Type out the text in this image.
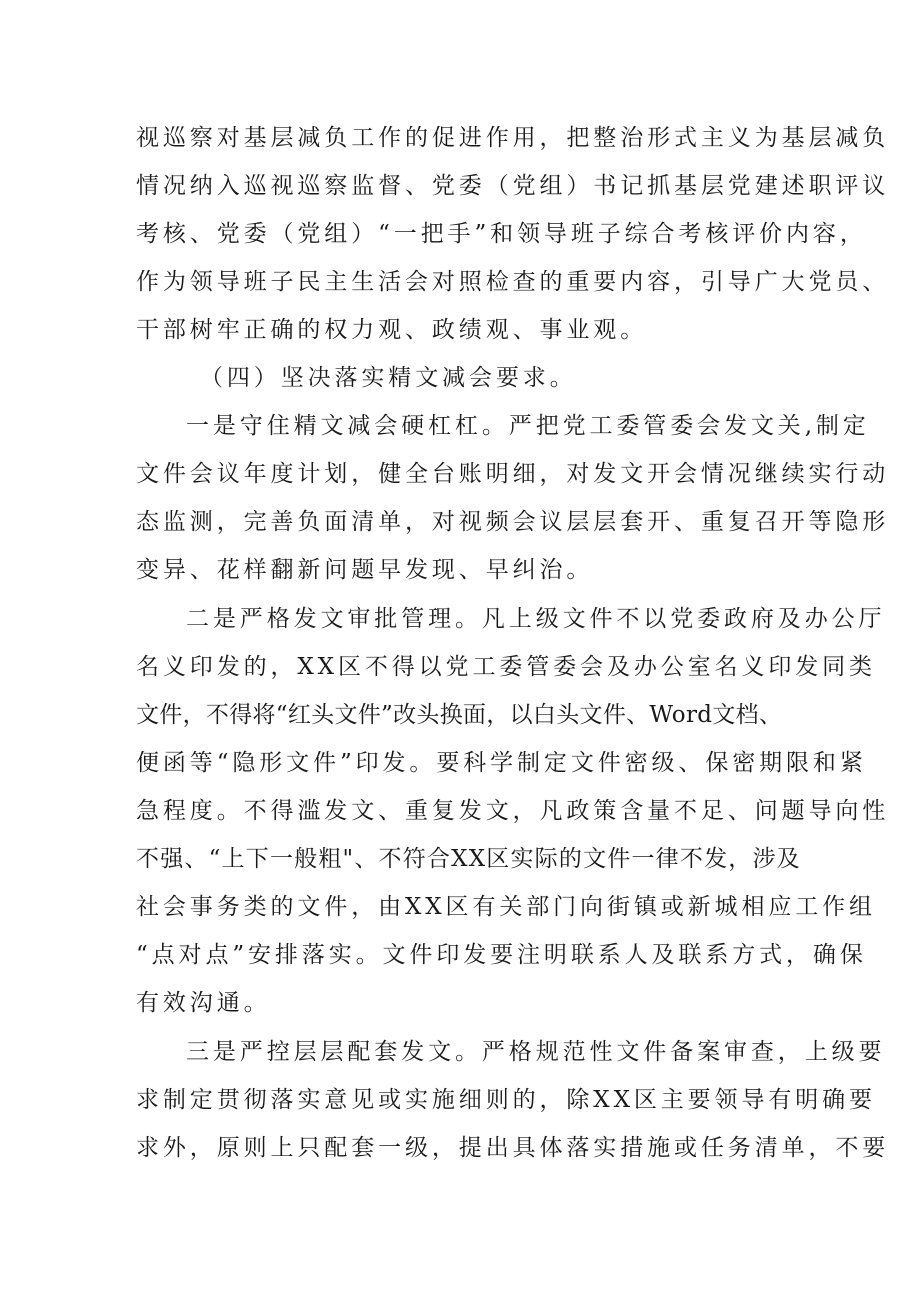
视巡察对基层减负工作的促进作用，把整治形式主义为基层减负
情况纳入巡视巡察监督、党委（党组）书记抓基层党建述职评议
考核、党委（党组）“一把手”和领导班子综合考核评价内容，
作为领导班子民主生活会对照检查的重要内容，引导广大党员、
干部树牢正确的权力观、政绩观、事业观。
（四）坚决落实精文减会要求。
一是守住精文减会硬杠杠。严把党工委管委会发文关,制定
文件会议年度计划，健全台账明细，对发文开会情况继续实行动
态监测，完善负面清单，对视频会议层层套开、重复召开等隐形
变异、花样翻新问题早发现、早纠治。
二是严格发文审批管理。凡上级文件不以党委政府及办公厅
名义印发的，XX区不得以党工委管委会及办公室名义印发同类
文件，不得将“红头文件”改头换面，以白头文件、Word文档、
便函等“隐形文件”印发。要科学制定文件密级、保密期限和紧
急程度。不得滥发文、重复发文，凡政策含量不足、问题导向性
不强、“上下一般粗"、不符合XX区实际的文件一律不发，涉及
社会事务类的文件，由XX区有关部门向街镇或新城相应工作组
“点对点”安排落实。文件印发要注明联系人及联系方式，确保
有效沟通。
三是严控层层配套发文。严格规范性文件备案审查，上级要
求制定贯彻落实意见或实施细则的，除XX区主要领导有明确要
求外，原则上只配套一级，提出具体落实措施或任务清单，不要
